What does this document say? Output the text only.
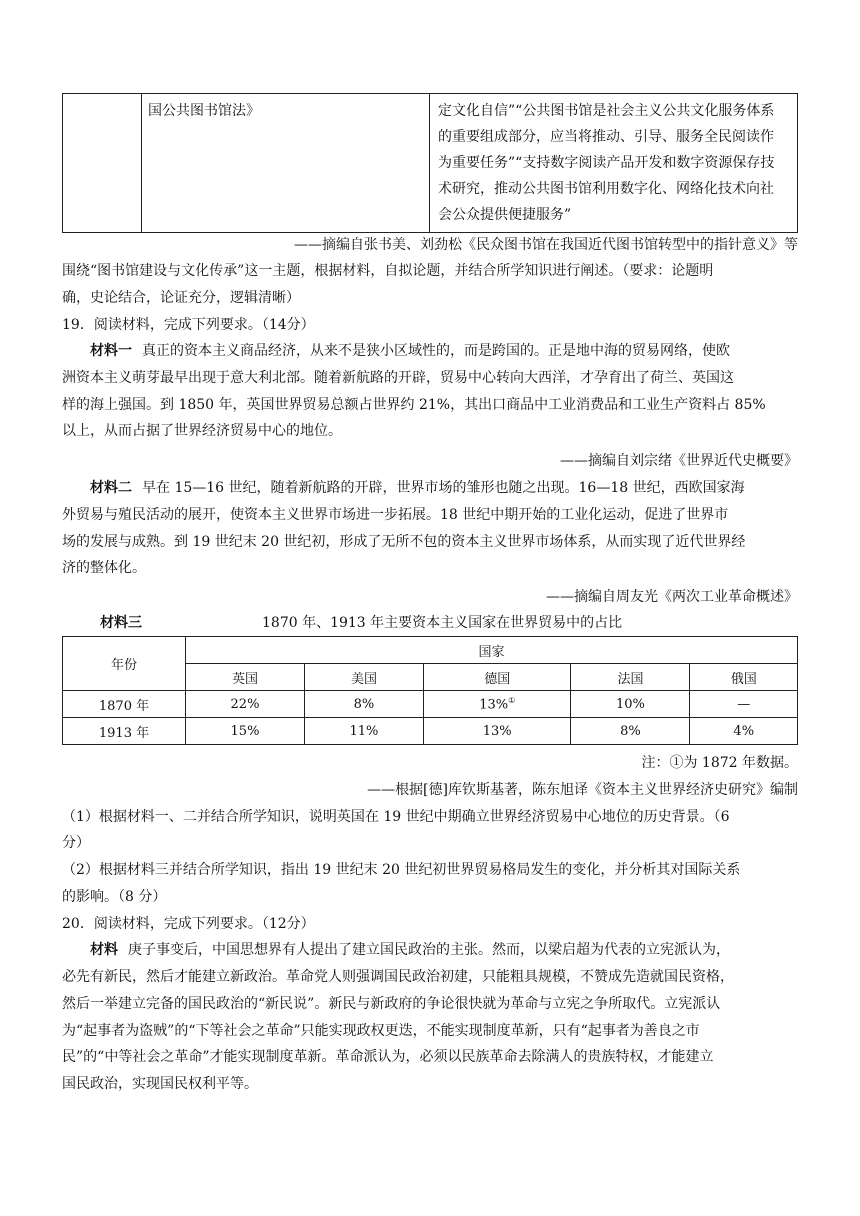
	国公共图书馆法》	定文化自信”“公共图书馆是社会主义公共文化服务体系
的重要组成部分，应当将推动、引导、服务全民阅读作
为重要任务”“支持数字阅读产品开发和数字资源保存技
术研究，推动公共图书馆利用数字化、网络化技术向社
会公众提供便捷服务”
——摘编自张书美、刘劲松《民众图书馆在我国近代图书馆转型中的指针意义》等
围绕“图书馆建设与文化传承”这一主题，根据材料，自拟论题，并结合所学知识进行阐述。（要求：论题明
确，史论结合，论证充分，逻辑清晰）
19．阅读材料，完成下列要求。（14分）
材料一 真正的资本主义商品经济，从来不是狭小区域性的，而是跨国的。正是地中海的贸易网络，使欧
洲资本主义萌芽最早出现于意大利北部。随着新航路的开辟，贸易中心转向大西洋，才孕育出了荷兰、英国这
样的海上强国。到 1850 年，英国世界贸易总额占世界约 21%，其出口商品中工业消费品和工业生产资料占 85%
以上，从而占据了世界经济贸易中心的地位。
——摘编自刘宗绪《世界近代史概要》
材料二 早在 15—16 世纪，随着新航路的开辟，世界市场的雏形也随之出现。16—18 世纪，西欧国家海
外贸易与殖民活动的展开，使资本主义世界市场进一步拓展。18 世纪中期开始的工业化运动，促进了世界市
场的发展与成熟。到 19 世纪末 20 世纪初，形成了无所不包的资本主义世界市场体系，从而实现了近代世界经
济的整体化。
——摘编自周友光《两次工业革命概述》
材料三	1870 年、1913 年主要资本主义国家在世界贸易中的占比
年份	国家				
	英国	美国	德国	法国	俄国
1870 年	22%	8%	13%①	10%	—
1913 年	15%	11%	13%	8%	4%
注：①为 1872 年数据。
——根据[德]库钦斯基著，陈东旭译《资本主义世界经济史研究》编制
（1）根据材料一、二并结合所学知识，说明英国在 19 世纪中期确立世界经济贸易中心地位的历史背景。（6
分）
（2）根据材料三并结合所学知识，指出 19 世纪末 20 世纪初世界贸易格局发生的变化，并分析其对国际关系
的影响。（8 分）
20．阅读材料，完成下列要求。（12分）
材料 庚子事变后，中国思想界有人提出了建立国民政治的主张。然而，以梁启超为代表的立宪派认为，
必先有新民，然后才能建立新政治。革命党人则强调国民政治初建，只能粗具规模，不赞成先造就国民资格，
然后一举建立完备的国民政治的“新民说”。新民与新政府的争论很快就为革命与立宪之争所取代。立宪派认
为“起事者为盗贼”的“下等社会之革命”只能实现政权更迭，不能实现制度革新，只有“起事者为善良之市
民”的“中等社会之革命”才能实现制度革新。革命派认为，必须以民族革命去除满人的贵族特权，才能建立
国民政治，实现国民权利平等。
